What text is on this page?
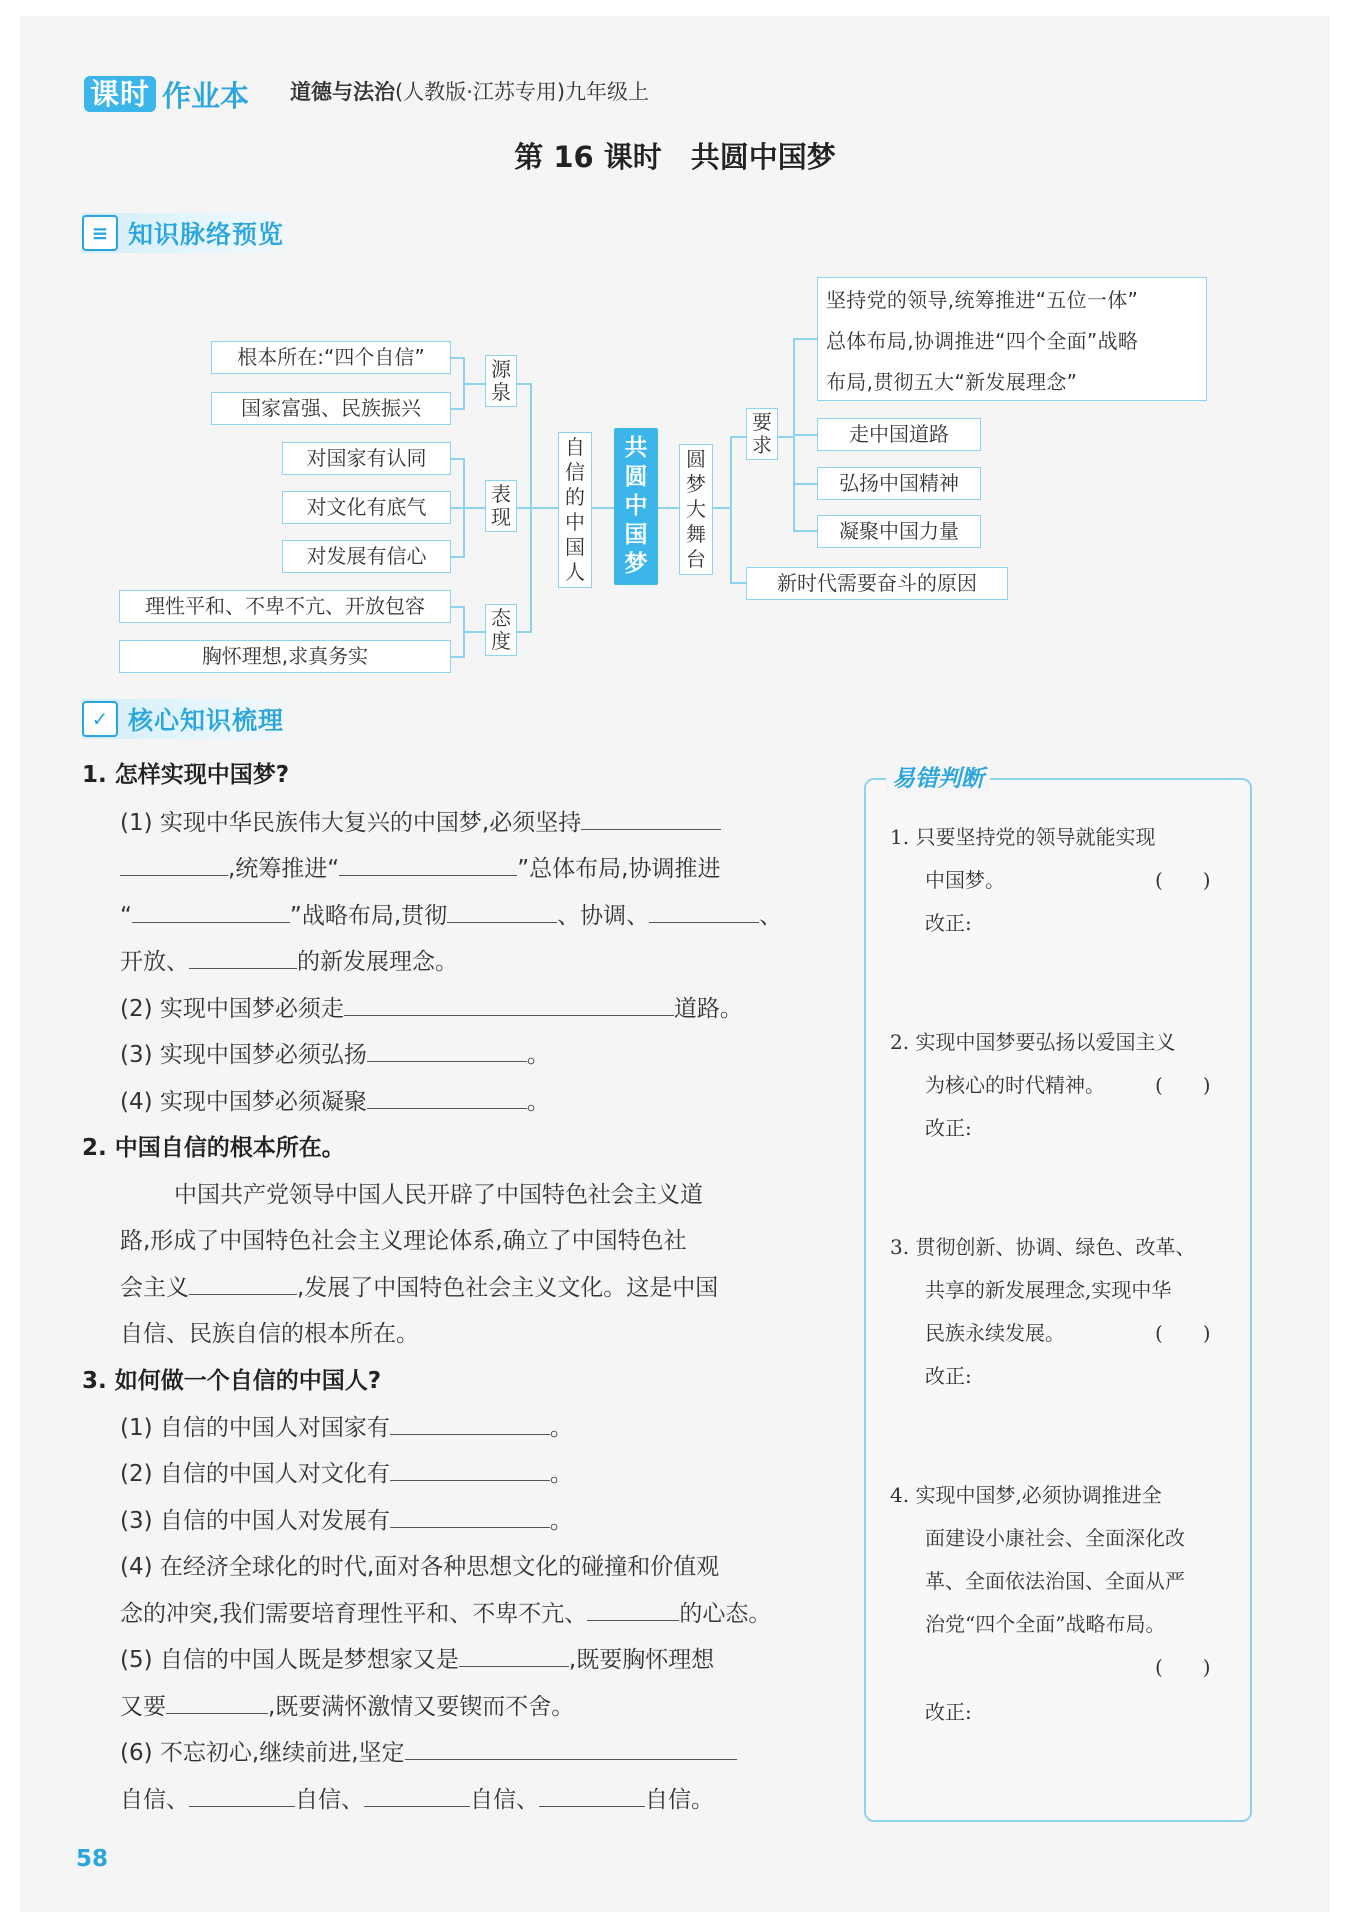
课时 作业本 道德与法治(人教版·江苏专用)九年级上
第 16 课时　共圆中国梦
≡ 知识脉络预览
根本所在:“四个自信”
国家富强、民族振兴
对国家有认同
对文化有底气
对发展有信心
理性平和、不卑不亢、开放包容
胸怀理想,求真务实
源泉
表现
态度
自信的中国人
共圆中国梦
圆梦大舞台
要求
新时代需要奋斗的原因
坚持党的领导,统筹推进“五位一体”
总体布局,协调推进“四个全面”战略
布局,贯彻五大“新发展理念”
走中国道路
弘扬中国精神
凝聚中国力量
✓ 核心知识梳理
1. 怎样实现中国梦?
(1) 实现中华民族伟大复兴的中国梦,必须坚持
,统筹推进“	”总体布局,协调推进
“	”战略布局,贯彻	、协调、	、
开放、	的新发展理念。
(2) 实现中国梦必须走	道路。
(3) 实现中国梦必须弘扬	。
(4) 实现中国梦必须凝聚	。
2. 中国自信的根本所在。
中国共产党领导中国人民开辟了中国特色社会主义道
路,形成了中国特色社会主义理论体系,确立了中国特色社
会主义	,发展了中国特色社会主义文化。这是中国
自信、民族自信的根本所在。
3. 如何做一个自信的中国人?
(1) 自信的中国人对国家有	。
(2) 自信的中国人对文化有	。
(3) 自信的中国人对发展有	。
(4) 在经济全球化的时代,面对各种思想文化的碰撞和价值观
念的冲突,我们需要培育理性平和、不卑不亢、	的心态。
(5) 自信的中国人既是梦想家又是	,既要胸怀理想
又要	,既要满怀激情又要锲而不舍。
(6) 不忘初心,继续前进,坚定
自信、	自信、	自信、	自信。
易错判断
1. 只要坚持党的领导就能实现
中国梦。	(　　)
改正:
2. 实现中国梦要弘扬以爱国主义
为核心的时代精神。	(　　)
改正:
3. 贯彻创新、协调、绿色、改革、
共享的新发展理念,实现中华
民族永续发展。	(　　)
改正:
4. 实现中国梦,必须协调推进全
面建设小康社会、全面深化改
革、全面依法治国、全面从严
治党“四个全面”战略布局。
(　　)
改正:
58
